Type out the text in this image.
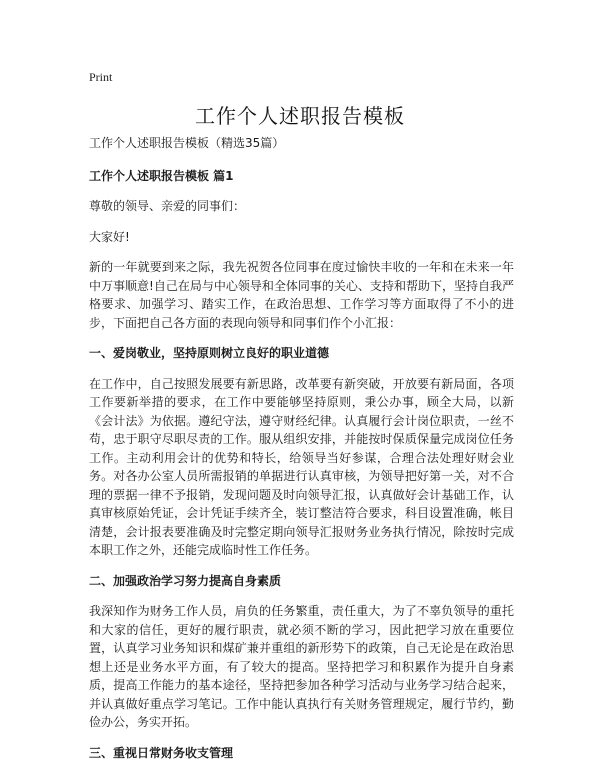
Print
工作个人述职报告模板

工作个人述职报告模板（精选35篇）

工作个人述职报告模板 篇1

尊敬的领导、亲爱的同事们：

大家好!

新的一年就要到来之际，我先祝贺各位同事在度过愉快丰收的一年和在未来一年中万事顺意!自己在局与中心领导和全体同事的关心、支持和帮助下，坚持自我严格要求、加强学习、踏实工作，在政治思想、工作学习等方面取得了不小的进步，下面把自己各方面的表现向领导和同事们作个小汇报：

一、爱岗敬业，坚持原则树立良好的职业道德

在工作中，自己按照发展要有新思路，改革要有新突破，开放要有新局面，各项工作要新举措的要求，在工作中要能够坚持原则，秉公办事，顾全大局，以新《会计法》为依据。遵纪守法，遵守财经纪律。认真履行会计岗位职责，一丝不苟，忠于职守尽职尽责的工作。服从组织安排，并能按时保质保量完成岗位任务工作。主动利用会计的优势和特长，给领导当好参谋，合理合法处理好财会业务。对各办公室人员所需报销的单据进行认真审核，为领导把好第一关，对不合理的票据一律不予报销，发现问题及时向领导汇报，认真做好会计基础工作，认真审核原始凭证，会计凭证手续齐全，装订整洁符合要求，科目设置准确，帐目清楚，会计报表要准确及时完整定期向领导汇报财务业务执行情况，除按时完成本职工作之外，还能完成临时性工作任务。

二、加强政治学习努力提高自身素质

我深知作为财务工作人员，肩负的任务繁重，责任重大，为了不辜负领导的重托和大家的信任，更好的履行职责，就必须不断的学习，因此把学习放在重要位置，认真学习业务知识和煤矿兼并重组的新形势下的政策，自己无论是在政治思想上还是业务水平方面，有了较大的提高。坚持把学习和积累作为提升自身素质，提高工作能力的基本途径，坚持把参加各种学习活动与业务学习结合起来，并认真做好重点学习笔记。工作中能认真执行有关财务管理规定，履行节约，勤俭办公，务实开拓。

三、重视日常财务收支管理
